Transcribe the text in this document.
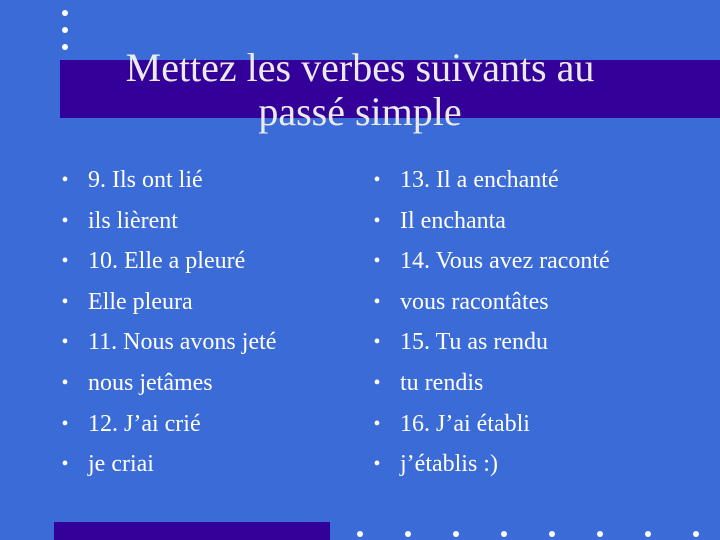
Mettez les verbes suivants au
passé simple
• 9. Ils ont lié
• ils lièrent
• 10. Elle a pleuré
• Elle pleura
• 11. Nous avons jeté
• nous jetâmes
• 12. J’ai crié
• je criai
• 13. Il a enchanté
• Il enchanta
• 14. Vous avez raconté
• vous racontâtes
• 15. Tu as rendu
• tu rendis
• 16. J’ai établi
• j’établis :)
